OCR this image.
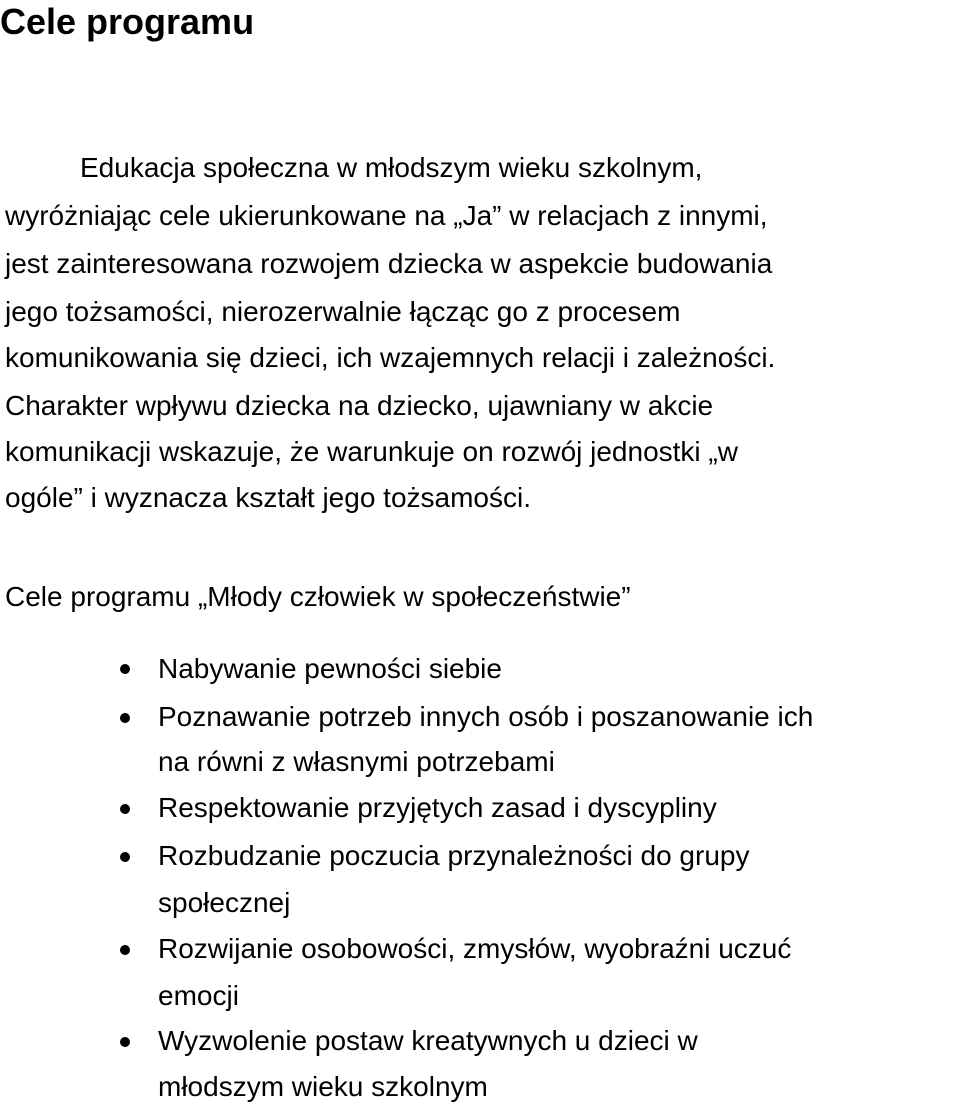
Cele programu
Edukacja społeczna w młodszym wieku szkolnym,
wyróżniając cele ukierunkowane na „Ja” w relacjach z innymi,
jest zainteresowana rozwojem dziecka w aspekcie budowania
jego tożsamości, nierozerwalnie łącząc go z procesem
komunikowania się dzieci, ich wzajemnych relacji i zależności.
Charakter wpływu dziecka na dziecko, ujawniany w akcie
komunikacji wskazuje, że warunkuje on rozwój jednostki „w
ogóle” i wyznacza kształt jego tożsamości.
Cele programu „Młody człowiek w społeczeństwie”
Nabywanie pewności siebie
Poznawanie potrzeb innych osób i poszanowanie ich
na równi z własnymi potrzebami
Respektowanie przyjętych zasad i dyscypliny
Rozbudzanie poczucia przynależności do grupy
społecznej
Rozwijanie osobowości, zmysłów, wyobraźni uczuć
emocji
Wyzwolenie postaw kreatywnych u dzieci w
młodszym wieku szkolnym
